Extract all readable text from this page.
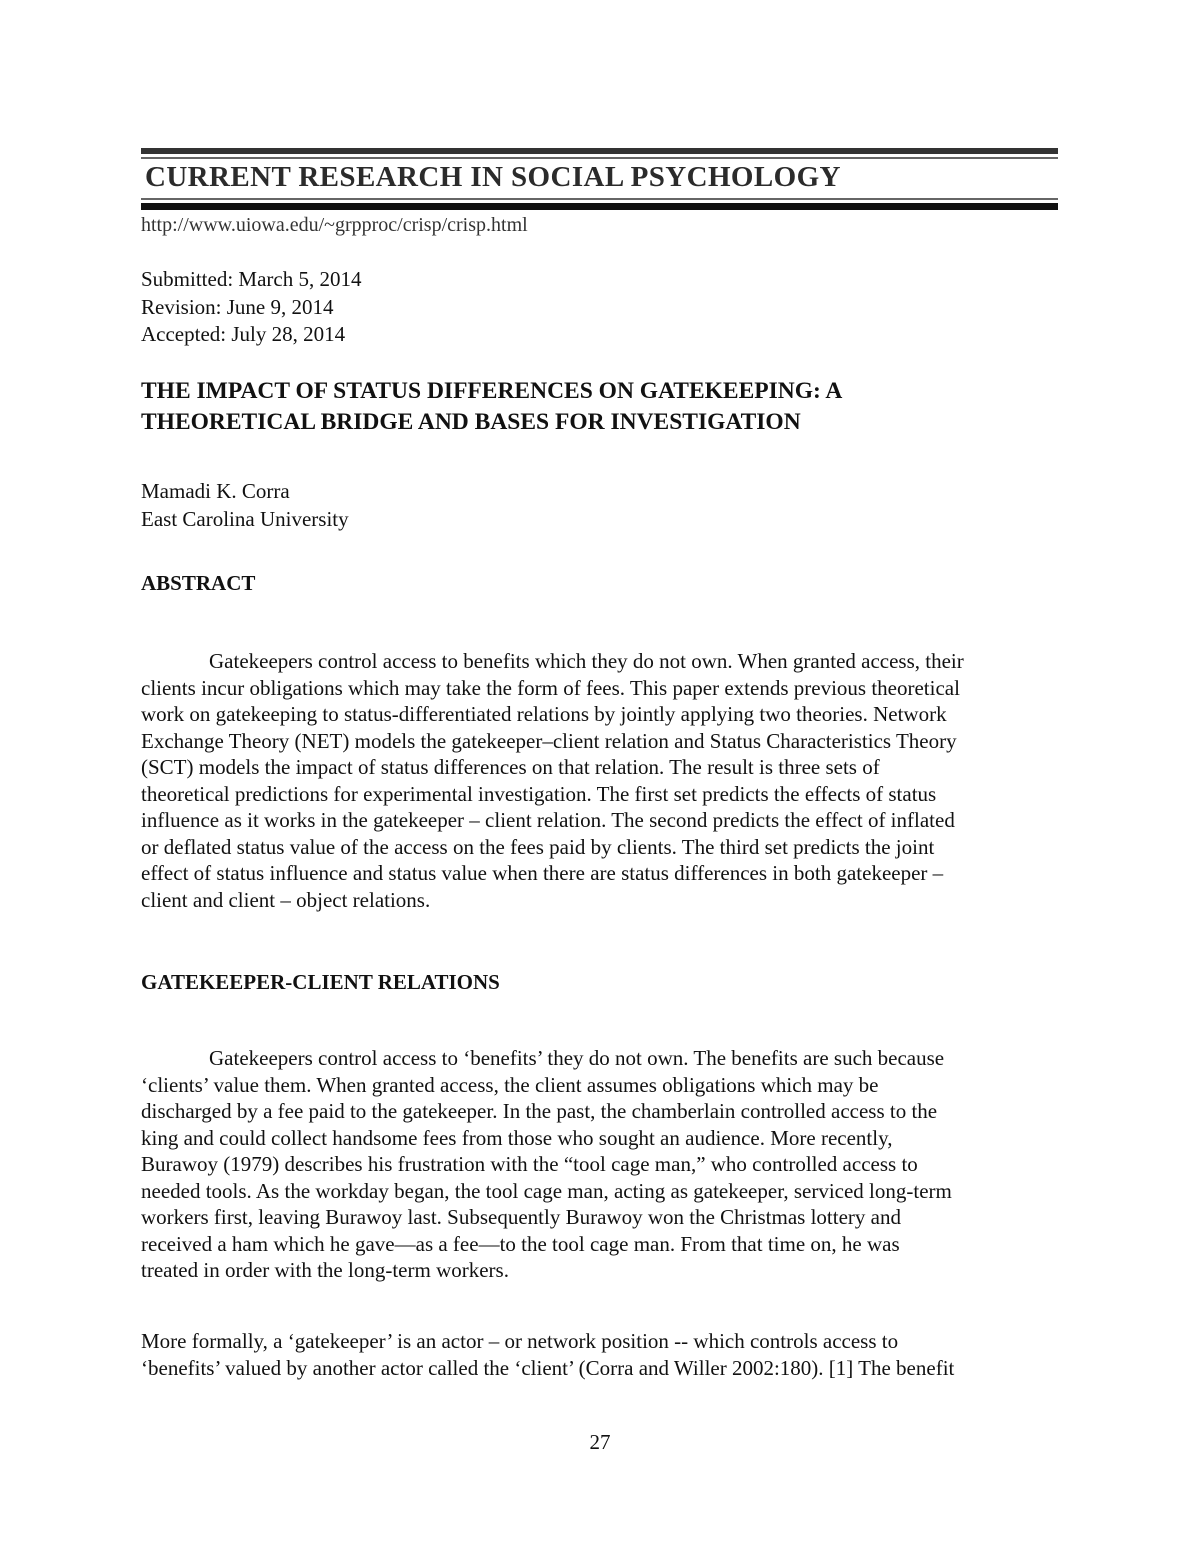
CURRENT RESEARCH IN SOCIAL PSYCHOLOGY
http://www.uiowa.edu/~grpproc/crisp/crisp.html
Submitted: March 5, 2014
Revision: June 9, 2014
Accepted: July 28, 2014
THE IMPACT OF STATUS DIFFERENCES ON GATEKEEPING: A
THEORETICAL BRIDGE AND BASES FOR INVESTIGATION
Mamadi K. Corra
East Carolina University
ABSTRACT
Gatekeepers control access to benefits which they do not own. When granted access, their
clients incur obligations which may take the form of fees. This paper extends previous theoretical
work on gatekeeping to status-differentiated relations by jointly applying two theories. Network
Exchange Theory (NET) models the gatekeeper–client relation and Status Characteristics Theory
(SCT) models the impact of status differences on that relation. The result is three sets of
theoretical predictions for experimental investigation. The first set predicts the effects of status
influence as it works in the gatekeeper – client relation. The second predicts the effect of inflated
or deflated status value of the access on the fees paid by clients. The third set predicts the joint
effect of status influence and status value when there are status differences in both gatekeeper –
client and client – object relations.
GATEKEEPER-CLIENT RELATIONS
Gatekeepers control access to ‘benefits’ they do not own. The benefits are such because
‘clients’ value them. When granted access, the client assumes obligations which may be
discharged by a fee paid to the gatekeeper. In the past, the chamberlain controlled access to the
king and could collect handsome fees from those who sought an audience. More recently,
Burawoy (1979) describes his frustration with the “tool cage man,” who controlled access to
needed tools. As the workday began, the tool cage man, acting as gatekeeper, serviced long-term
workers first, leaving Burawoy last. Subsequently Burawoy won the Christmas lottery and
received a ham which he gave—as a fee—to the tool cage man. From that time on, he was
treated in order with the long-term workers.
More formally, a ‘gatekeeper’ is an actor – or network position -- which controls access to
‘benefits’ valued by another actor called the ‘client’ (Corra and Willer 2002:180). [1] The benefit
27
